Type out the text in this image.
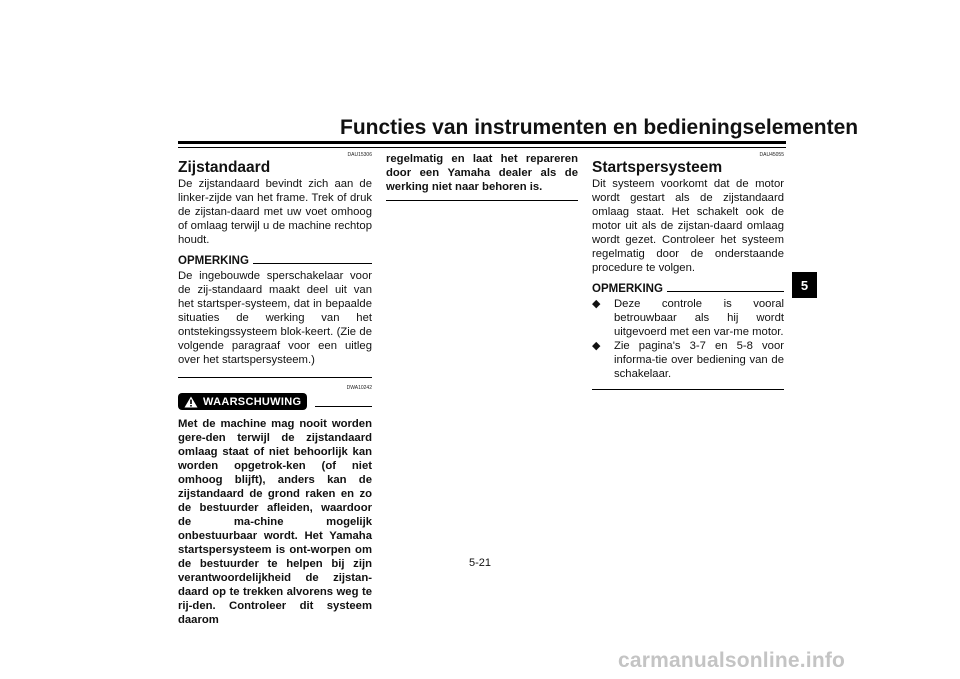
Functies van instrumenten en bedieningselementen
DAU15306
Zijstandaard

De zijstandaard bevindt zich aan de linker-zijde van het frame. Trek of druk de zijstan-daard met uw voet omhoog of omlaag terwijl u de machine rechtop houdt.

OPMERKING

De ingebouwde sperschakelaar voor de zij-standaard maakt deel uit van het startsper-systeem, dat in bepaalde situaties de werking van het ontstekingssysteem blok-keert. (Zie de volgende paragraaf voor een uitleg over het startspersysteem.)

DWA10242
WAARSCHUWING

Met de machine mag nooit worden gere-den terwijl de zijstandaard omlaag staat of niet behoorlijk kan worden opgetrok-ken (of niet omhoog blijft), anders kan de zijstandaard de grond raken en zo de bestuurder afleiden, waardoor de ma-chine mogelijk onbestuurbaar wordt. Het Yamaha startspersysteem is ont-worpen om de bestuurder te helpen bij zijn verantwoordelijkheid de zijstan-daard op te trekken alvorens weg te rij-den. Controleer dit systeem daarom

regelmatig en laat het repareren door een Yamaha dealer als de werking niet naar behoren is.

DAU45055
Startspersysteem

Dit systeem voorkomt dat de motor wordt gestart als de zijstandaard omlaag staat. Het schakelt ook de motor uit als de zijstan-daard omlaag wordt gezet. Controleer het systeem regelmatig door de onderstaande procedure te volgen.

OPMERKING
◆ Deze controle is vooral betrouwbaar als hij wordt uitgevoerd met een var-me motor.
◆ Zie pagina's 3-7 en 5-8 voor informa-tie over bediening van de schakelaar.
5
5-21
carmanualsonline.info
